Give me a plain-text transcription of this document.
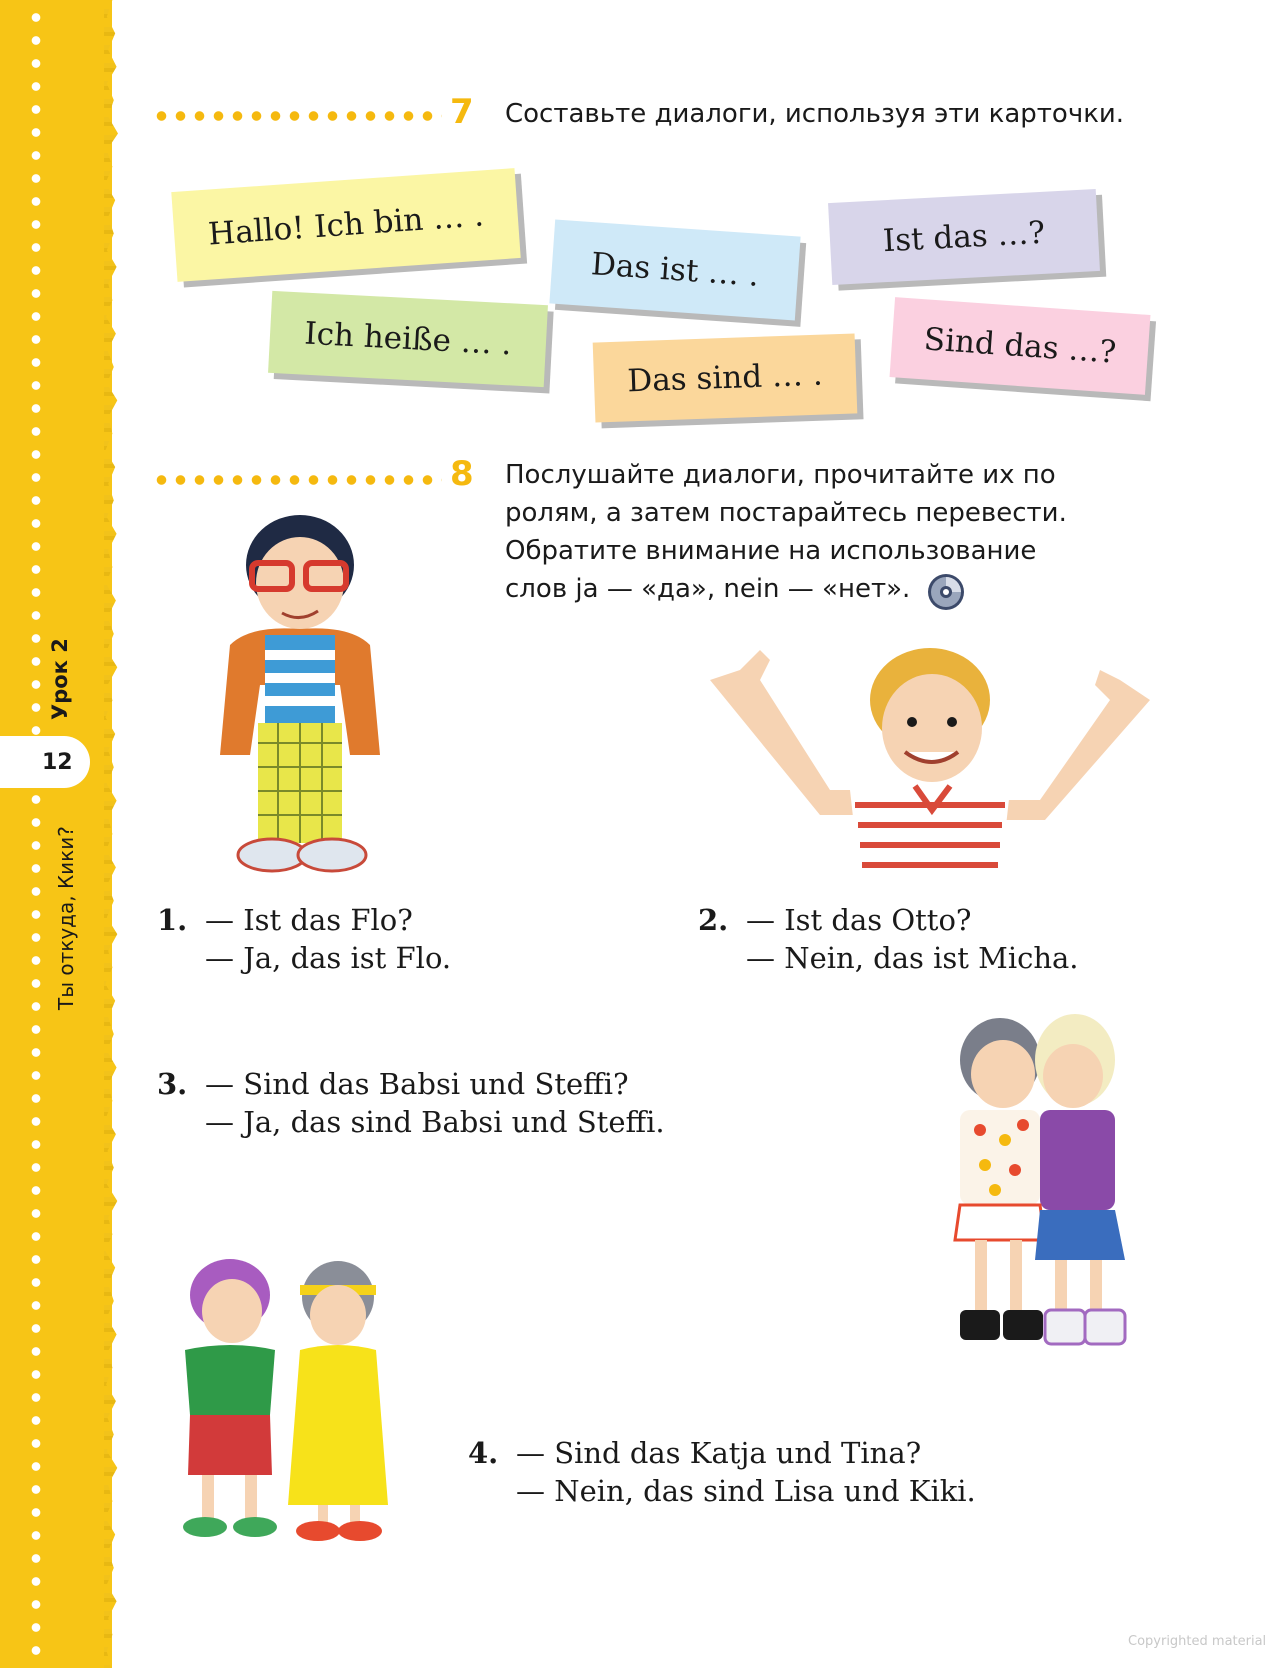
Урок 2
12
Ты откуда, Кики?
7 Составьте диалоги, используя эти карточки.
Hallo! Ich bin … .
Das ist … .
Ist das …?
Ich heiße … .
Das sind … .
Sind das …?
8 Послушайте диалоги, прочитайте их по
ролям, а затем постарайтесь перевести.
Обратите внимание на использование
слов ja — «да», nein — «нет».
1. — Ist das Flo?
— Ja, das ist Flo.
2. — Ist das Otto?
— Nein, das ist Micha.
3. — Sind das Babsi und Steffi?
— Ja, das sind Babsi und Steffi.
4. — Sind das Katja und Tina?
— Nein, das sind Lisa und Kiki.
Copyrighted material
